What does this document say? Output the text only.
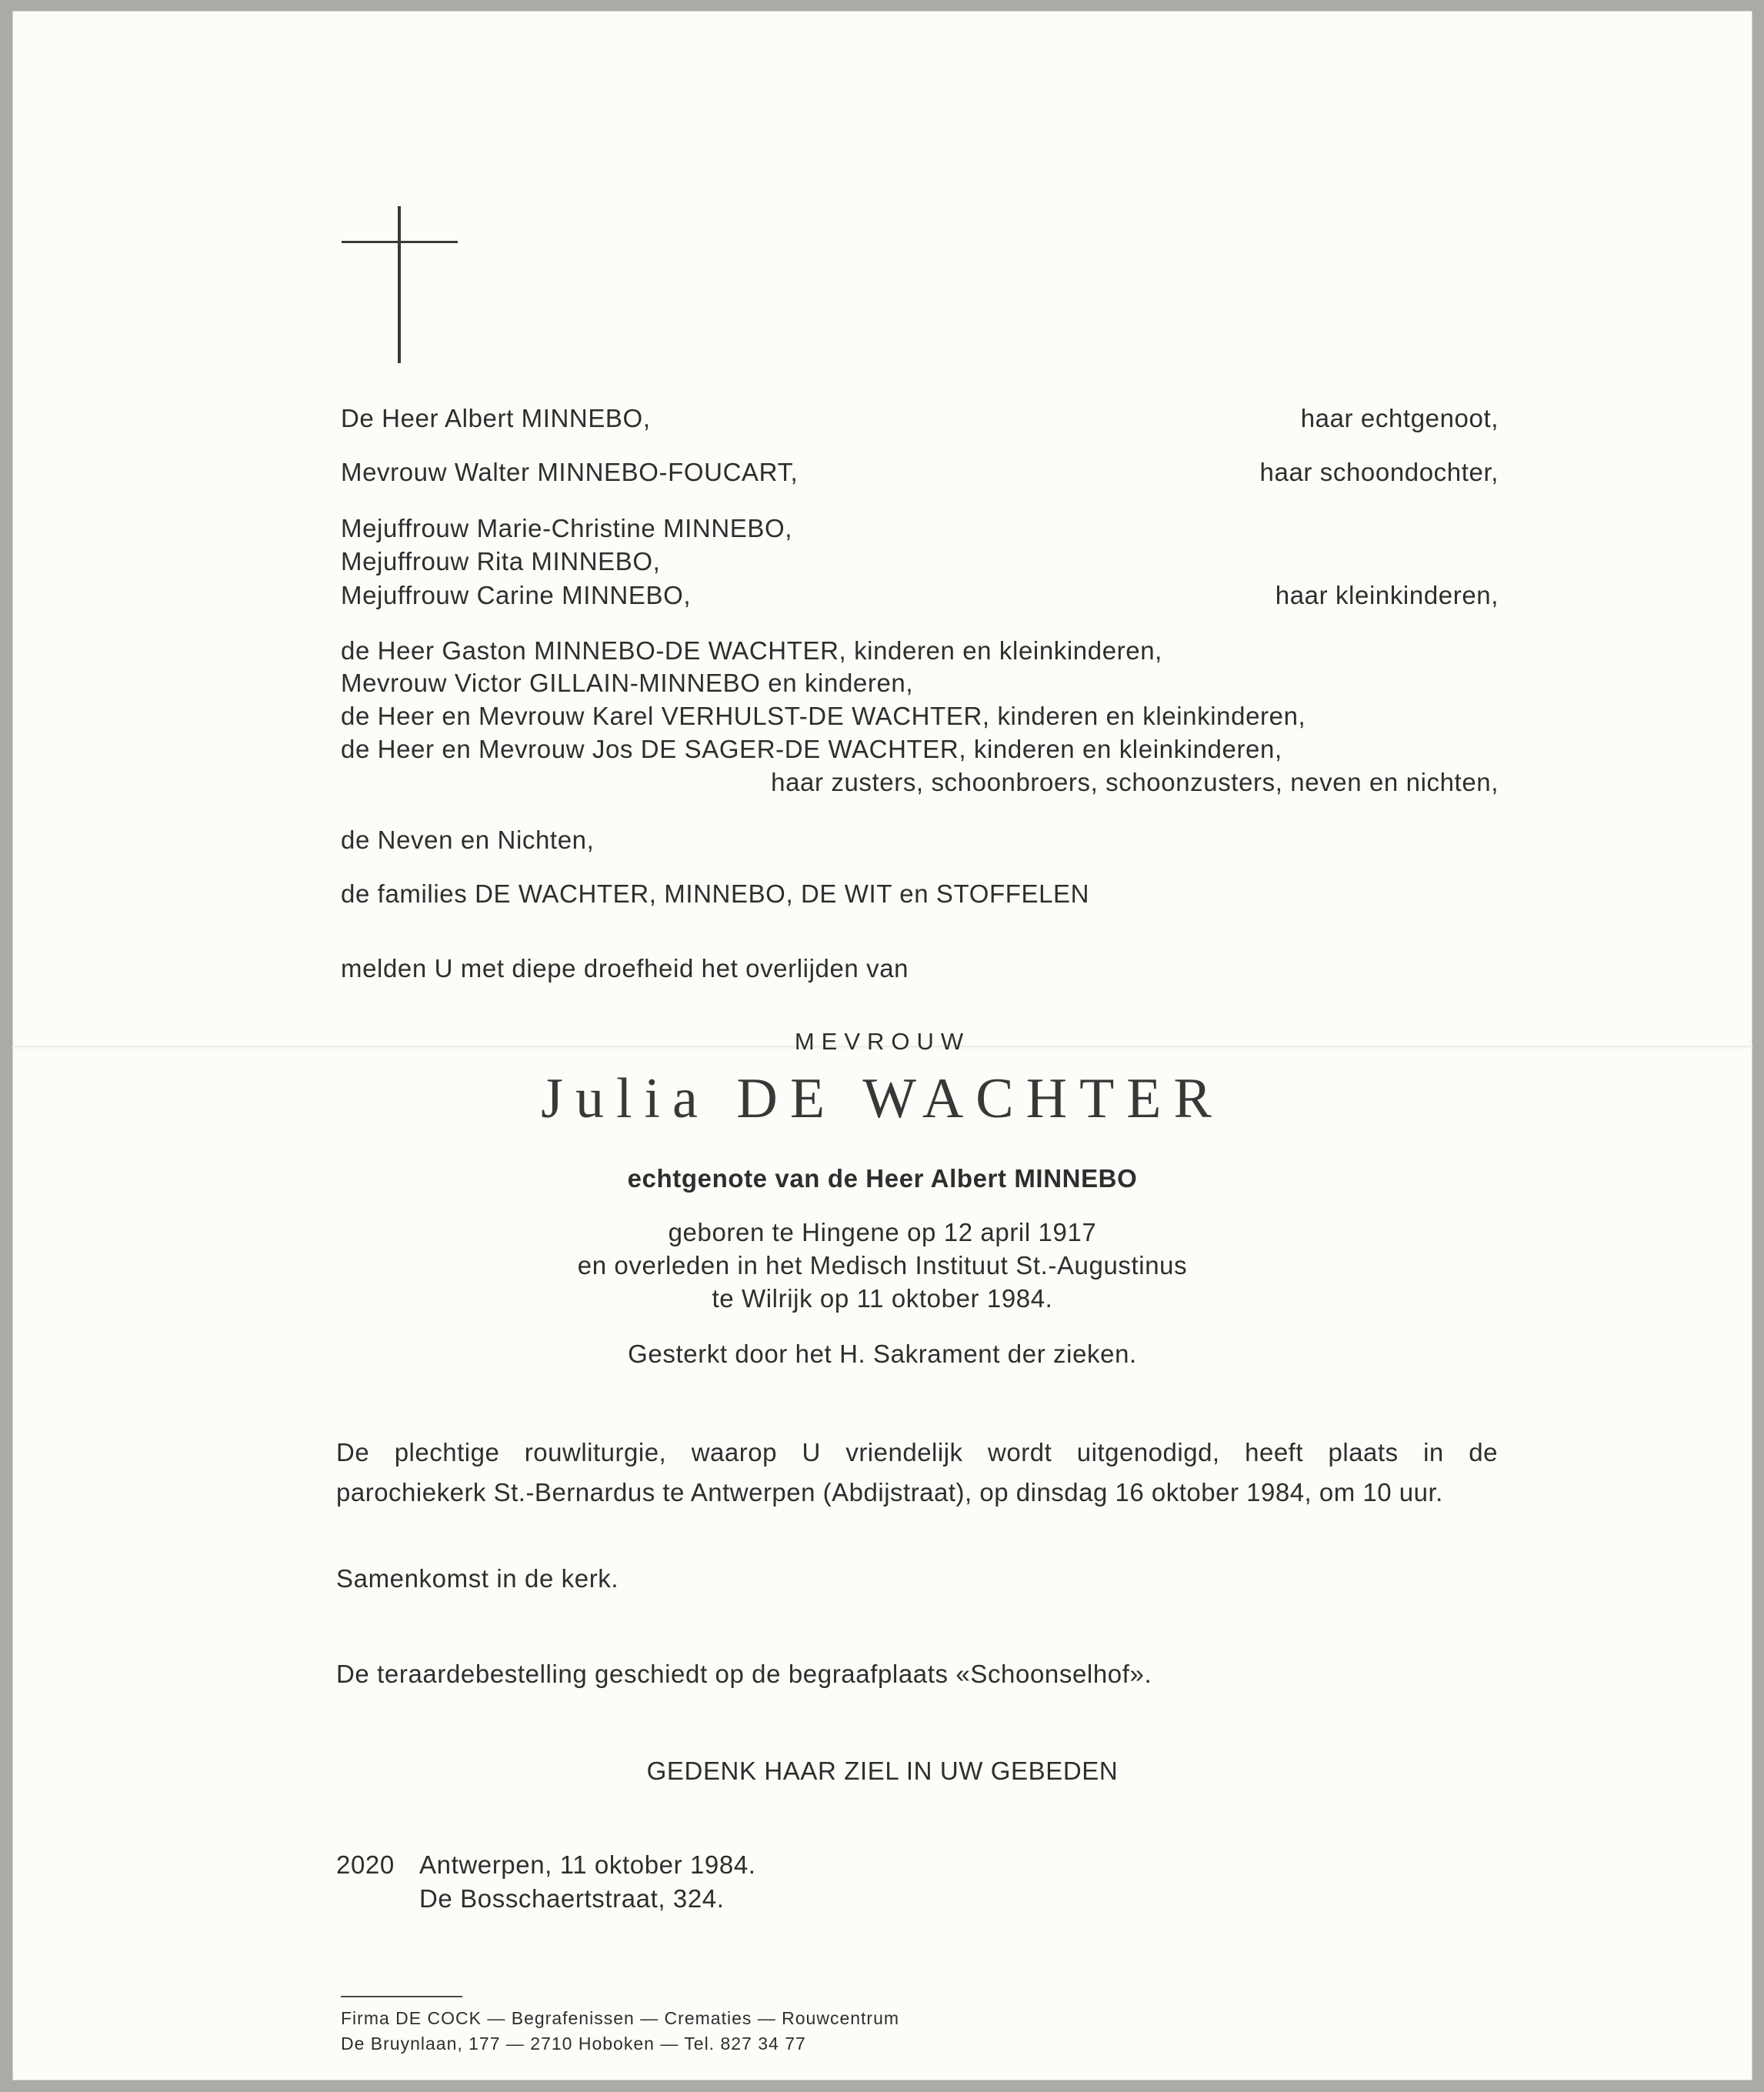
De Heer Albert MINNEBO,	haar echtgenoot,
Mevrouw Walter MINNEBO-FOUCART,	haar schoondochter,
Mejuffrouw Marie-Christine MINNEBO,
Mejuffrouw Rita MINNEBO,
Mejuffrouw Carine MINNEBO,	haar kleinkinderen,
de Heer Gaston MINNEBO-DE WACHTER, kinderen en kleinkinderen,
Mevrouw Victor GILLAIN-MINNEBO en kinderen,
de Heer en Mevrouw Karel VERHULST-DE WACHTER, kinderen en kleinkinderen,
de Heer en Mevrouw Jos DE SAGER-DE WACHTER, kinderen en kleinkinderen,
haar zusters, schoonbroers, schoonzusters, neven en nichten,
de Neven en Nichten,
de families DE WACHTER, MINNEBO, DE WIT en STOFFELEN
melden U met diepe droefheid het overlijden van
MEVROUW
Julia DE WACHTER
echtgenote van de Heer Albert MINNEBO
geboren te Hingene op 12 april 1917
en overleden in het Medisch Instituut St.-Augustinus
te Wilrijk op 11 oktober 1984.
Gesterkt door het H. Sakrament der zieken.
De plechtige rouwliturgie, waarop U vriendelijk wordt uitgenodigd, heeft plaats in de
parochiekerk St.-Bernardus te Antwerpen (Abdijstraat), op dinsdag 16 oktober 1984, om 10 uur.
Samenkomst in de kerk.
De teraardebestelling geschiedt op de begraafplaats «Schoonselhof».
GEDENK HAAR ZIEL IN UW GEBEDEN
2020 Antwerpen, 11 oktober 1984.
De Bosschaertstraat, 324.
Firma DE COCK — Begrafenissen — Crematies — Rouwcentrum
De Bruynlaan, 177 — 2710 Hoboken — Tel. 827 34 77
